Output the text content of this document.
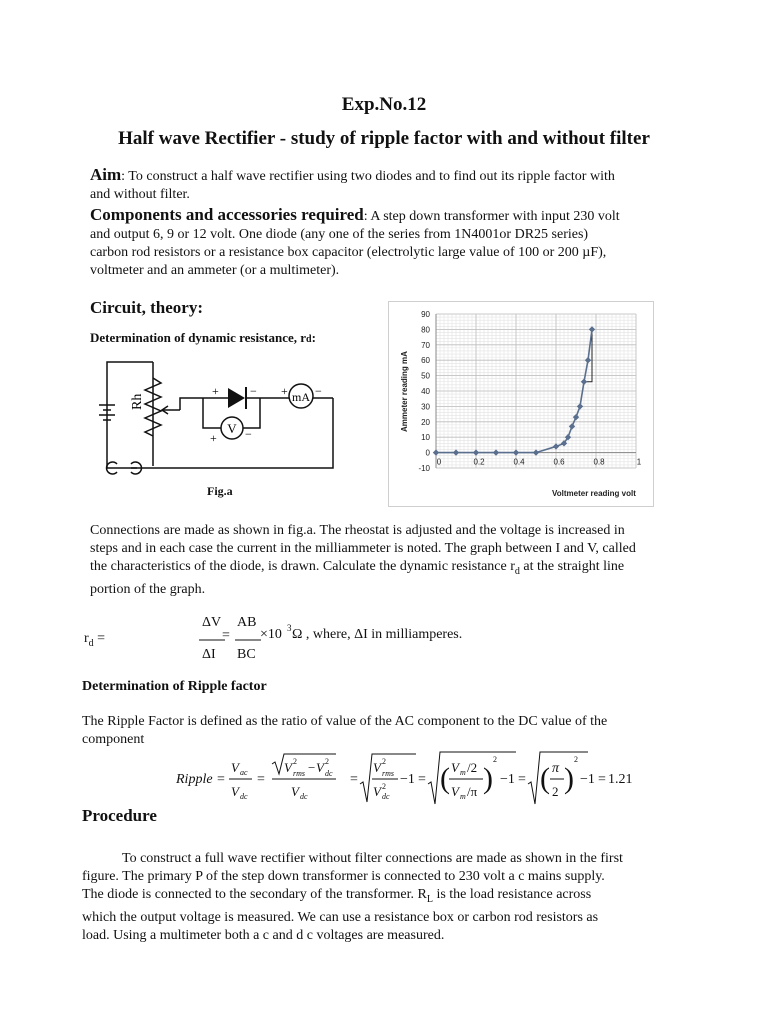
Exp.No.12
Half wave Rectifier - study of ripple factor with and without filter
Aim: To construct a half wave rectifier using two diodes and to find out its ripple factor with
and without filter.
Components and accessories required: A step down transformer with input 230 volt
and output 6, 9 or 12 volt. One diode (any one of the series from 1N4001or DR25 series)
carbon rod resistors or a resistance box capacitor (electrolytic large value of 100 or 200 µF),
voltmeter and an ammeter (or a multimeter).
Circuit, theory:
Determination of dynamic resistance, rd:
V
mA
+	− + −
+ −
Rh
Fig.a
-10
0
10
20
30
40
50
60
70
80
90
0	0.2	0.4	0.6	0.8	1
Voltmeter reading volt
Ammeter reading mA
Connections are made as shown in fig.a. The rheostat is adjusted and the voltage is increased in
steps and in each case the current in the milliammeter is noted. The graph between I and V, called
the characteristics of the diode, is drawn. Calculate the dynamic resistance $r_d$ at the straight line
portion of the graph.
$r_d$ =
ΔV
ΔI
=
AB
BC
×10 3 Ω , where, ΔI in milliamperes.
Determination of Ripple factor
The Ripple Factor is defined as the ratio of value of the AC component to the DC value of the
component
Ripple =
V ac
V dc
=
V 2
rms − V 2
dc
V dc
=
V 2
rms
V 2
dc
−1 = ( V m /2
V m /π )
2
−1 = ( π
2 )
2
−1 = 1.21
Procedure
To construct a full wave rectifier without filter connections are made as shown in the first
figure. The primary P of the step down transformer is connected to 230 volt a c mains supply.
The diode is connected to the secondary of the transformer. $R_L$ is the load resistance across
which the output voltage is measured. We can use a resistance box or carbon rod resistors as
load. Using a multimeter both a c and d c voltages are measured.
